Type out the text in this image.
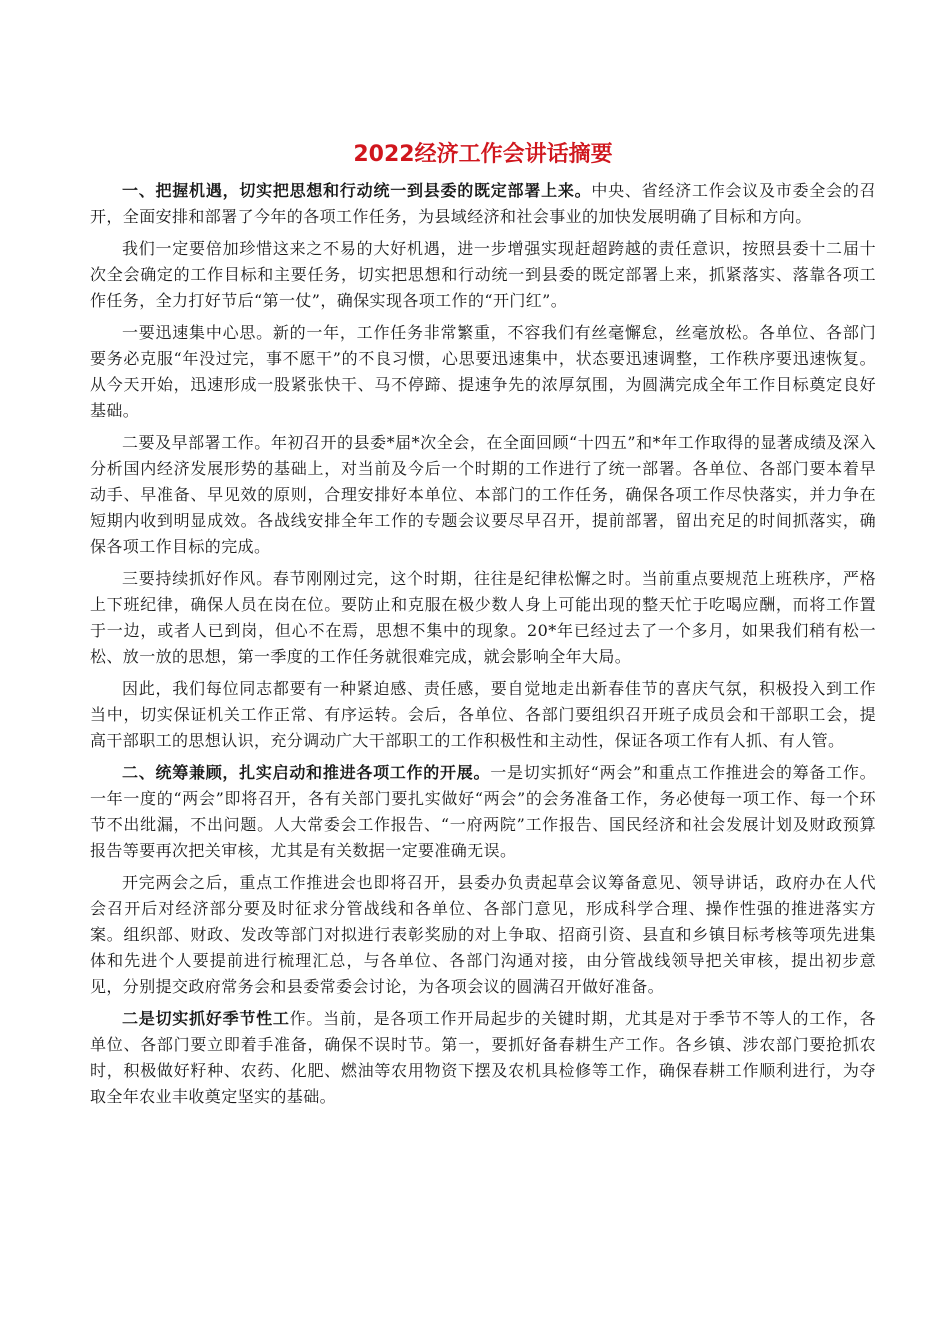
2022经济工作会讲话摘要

一、把握机遇，切实把思想和行动统一到县委的既定部署上来。中央、省经济工作会议及市委全会的召开，全面安排和部署了今年的各项工作任务，为县域经济和社会事业的加快发展明确了目标和方向。

我们一定要倍加珍惜这来之不易的大好机遇，进一步增强实现赶超跨越的责任意识，按照县委十二届十次全会确定的工作目标和主要任务，切实把思想和行动统一到县委的既定部署上来，抓紧落实、落靠各项工作任务，全力打好节后“第一仗”，确保实现各项工作的“开门红”。

一要迅速集中心思。新的一年，工作任务非常繁重，不容我们有丝毫懈怠，丝毫放松。各单位、各部门要务必克服“年没过完，事不愿干”的不良习惯，心思要迅速集中，状态要迅速调整，工作秩序要迅速恢复。从今天开始，迅速形成一股紧张快干、马不停蹄、提速争先的浓厚氛围，为圆满完成全年工作目标奠定良好基础。

二要及早部署工作。年初召开的县委*届*次全会，在全面回顾“十四五”和*年工作取得的显著成绩及深入分析国内经济发展形势的基础上，对当前及今后一个时期的工作进行了统一部署。各单位、各部门要本着早动手、早准备、早见效的原则，合理安排好本单位、本部门的工作任务，确保各项工作尽快落实，并力争在短期内收到明显成效。各战线安排全年工作的专题会议要尽早召开，提前部署，留出充足的时间抓落实，确保各项工作目标的完成。

三要持续抓好作风。春节刚刚过完，这个时期，往往是纪律松懈之时。当前重点要规范上班秩序，严格上下班纪律，确保人员在岗在位。要防止和克服在极少数人身上可能出现的整天忙于吃喝应酬，而将工作置于一边，或者人已到岗，但心不在焉，思想不集中的现象。20*年已经过去了一个多月，如果我们稍有松一松、放一放的思想，第一季度的工作任务就很难完成，就会影响全年大局。

因此，我们每位同志都要有一种紧迫感、责任感，要自觉地走出新春佳节的喜庆气氛，积极投入到工作当中，切实保证机关工作正常、有序运转。会后，各单位、各部门要组织召开班子成员会和干部职工会，提高干部职工的思想认识，充分调动广大干部职工的工作积极性和主动性，保证各项工作有人抓、有人管。

二、统筹兼顾，扎实启动和推进各项工作的开展。一是切实抓好“两会”和重点工作推进会的筹备工作。一年一度的“两会”即将召开，各有关部门要扎实做好“两会”的会务准备工作，务必使每一项工作、每一个环节不出纰漏，不出问题。人大常委会工作报告、“一府两院”工作报告、国民经济和社会发展计划及财政预算报告等要再次把关审核，尤其是有关数据一定要准确无误。

开完两会之后，重点工作推进会也即将召开，县委办负责起草会议筹备意见、领导讲话，政府办在人代会召开后对经济部分要及时征求分管战线和各单位、各部门意见，形成科学合理、操作性强的推进落实方案。组织部、财政、发改等部门对拟进行表彰奖励的对上争取、招商引资、县直和乡镇目标考核等项先进集体和先进个人要提前进行梳理汇总，与各单位、各部门沟通对接，由分管战线领导把关审核，提出初步意见，分别提交政府常务会和县委常委会讨论，为各项会议的圆满召开做好准备。

二是切实抓好季节性工作。当前，是各项工作开局起步的关键时期，尤其是对于季节不等人的工作，各单位、各部门要立即着手准备，确保不误时节。第一，要抓好备春耕生产工作。各乡镇、涉农部门要抢抓农时，积极做好籽种、农药、化肥、燃油等农用物资下摆及农机具检修等工作，确保春耕工作顺利进行，为夺取全年农业丰收奠定坚实的基础。
